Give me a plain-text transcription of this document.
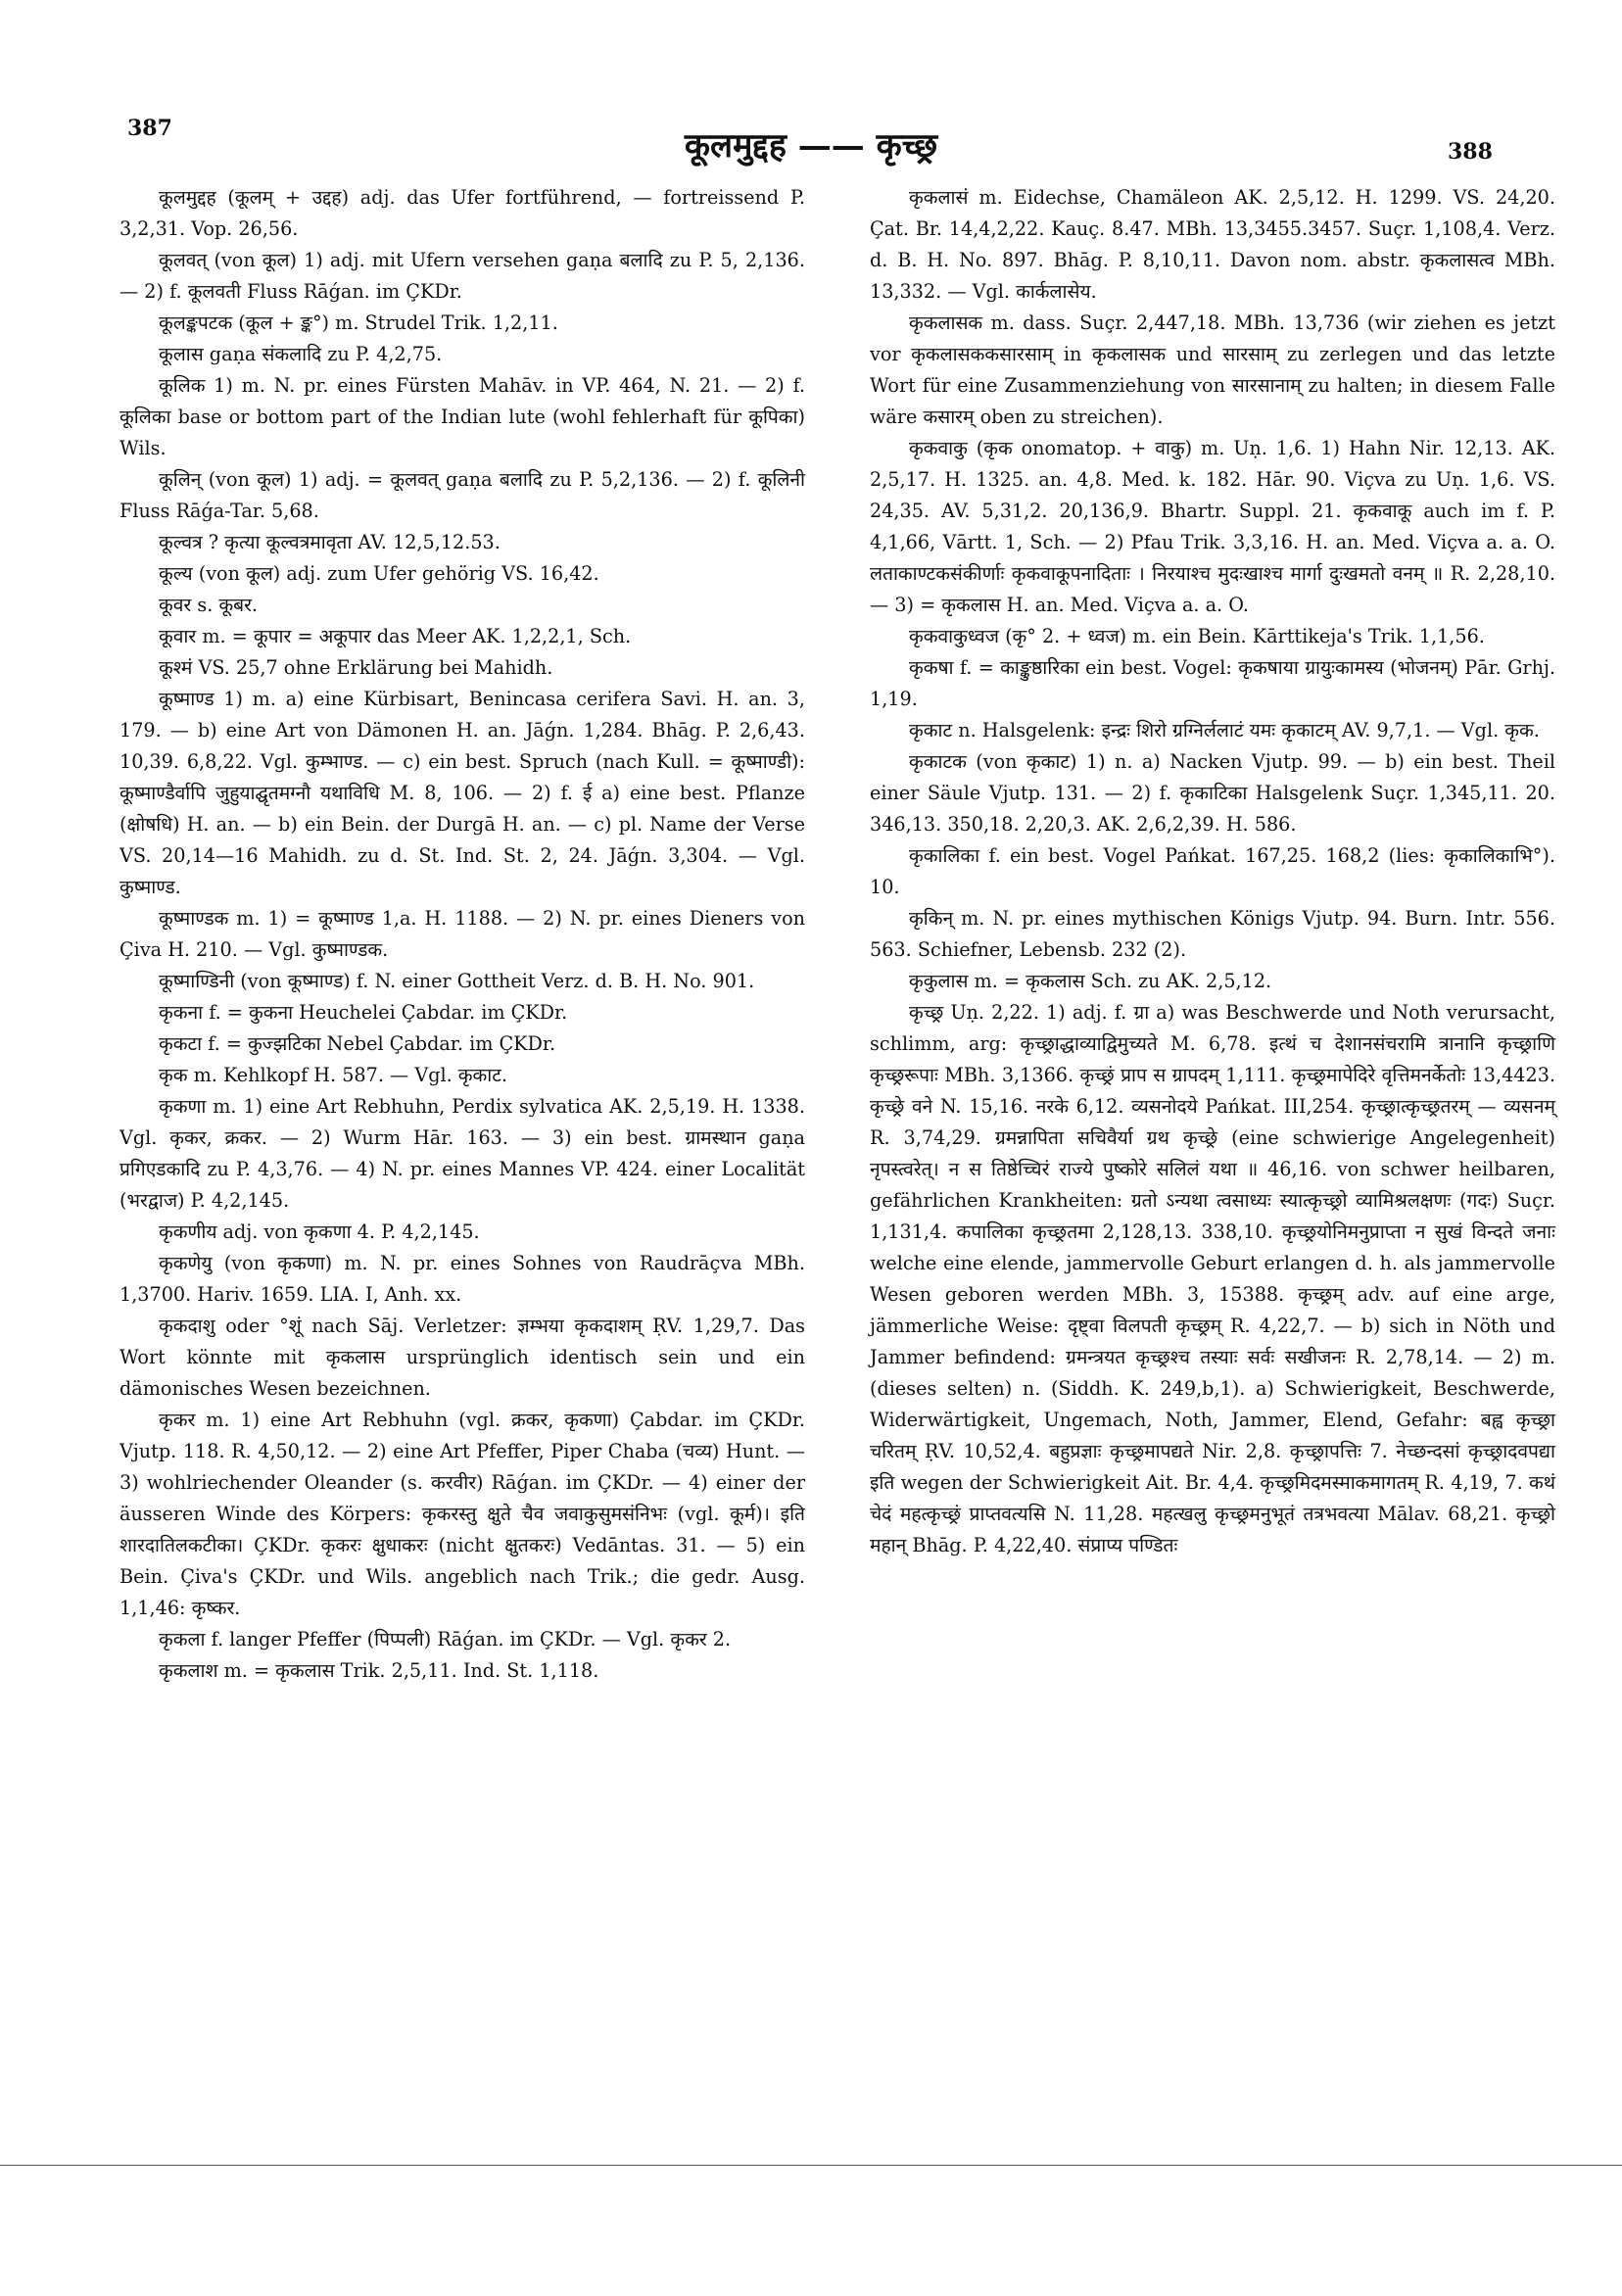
387	कूलमुद्दह —— कृच्छ्र	388

कूलमुद्दह (कूलम् + उद्दह) adj. das Ufer fortführend, — fortreissend P. 3,2,31. Vop. 26,56.

कूलवत् (von कूल) 1) adj. mit Ufern versehen gaṇa बलादि zu P. 5, 2,136. — 2) f. कूलवती Fluss Rāǵan. im ÇKDr.

कूलङ्कपटक (कूल + ङ्क°) m. Strudel Trik. 1,2,11.

कूलास gaṇa संकलादि zu P. 4,2,75.

कूलिक 1) m. N. pr. eines Fürsten Mahāv. in VP. 464, N. 21. — 2) f. कूलिका base or bottom part of the Indian lute (wohl fehlerhaft für कूपिका) Wils.

कूलिन् (von कूल) 1) adj. = कूलवत् gaṇa बलादि zu P. 5,2,136. — 2) f. कूलिनी Fluss Rāǵa-Tar. 5,68.

कूल्वत्र ? कृत्या कूल्वत्रमावृता AV. 12,5,12.53.

कूल्य (von कूल) adj. zum Ufer gehörig VS. 16,42.

कूवर s. कूबर.

कूवार m. = कूपार = अकूपार das Meer AK. 1,2,2,1, Sch.

कूश्मं VS. 25,7 ohne Erklärung bei Mahidh.

कूष्माण्ड 1) m. a) eine Kürbisart, Benincasa cerifera Savi. H. an. 3, 179. — b) eine Art von Dämonen H. an. Jāǵn. 1,284. Bhāg. P. 2,6,43. 10,39. 6,8,22. Vgl. कुम्भाण्ड. — c) ein best. Spruch (nach Kull. = कूष्माण्डी): कूष्माण्डैर्वापि जुहुयाद्घृतमग्नौ यथाविधि M. 8, 106. — 2) f. ई a) eine best. Pflanze (क्षोषधि) H. an. — b) ein Bein. der Durgā H. an. — c) pl. Name der Verse VS. 20,14—16 Mahidh. zu d. St. Ind. St. 2, 24. Jāǵn. 3,304. — Vgl. कुष्माण्ड.

कूष्माण्डक m. 1) = कूष्माण्ड 1,a. H. 1188. — 2) N. pr. eines Dieners von Çiva H. 210. — Vgl. कुष्माण्डक.

कूष्माण्डिनी (von कूष्माण्ड) f. N. einer Gottheit Verz. d. B. H. No. 901.

कृकना f. = कुकना Heuchelei Çabdar. im ÇKDr.

कृकटा f. = कुज्झटिका Nebel Çabdar. im ÇKDr.

कृक m. Kehlkopf H. 587. — Vgl. कृकाट.

कृकणा m. 1) eine Art Rebhuhn, Perdix sylvatica AK. 2,5,19. H. 1338. Vgl. कृकर, क्रकर. — 2) Wurm Hār. 163. — 3) ein best. ग्रामस्थान gaṇa प्रगिएडकादि zu P. 4,3,76. — 4) N. pr. eines Mannes VP. 424. einer Localität (भरद्वाज) P. 4,2,145.

कृकणीय adj. von कृकणा 4. P. 4,2,145.

कृकणेयु (von कृकणा) m. N. pr. eines Sohnes von Raudrāçva MBh. 1,3700. Hariv. 1659. LIA. I, Anh. xx.

कृकदाशु oder °शूं nach Sāj. Verletzer: ज्ञम्भया कृकदाशम् ṚV. 1,29,7. Das Wort könnte mit कृकलास ursprünglich identisch sein und ein dämonisches Wesen bezeichnen.

कृकर m. 1) eine Art Rebhuhn (vgl. क्रकर, कृकणा) Çabdar. im ÇKDr. Vjutp. 118. R. 4,50,12. — 2) eine Art Pfeffer, Piper Chaba (चव्य) Hunt. — 3) wohlriechender Oleander (s. करवीर) Rāǵan. im ÇKDr. — 4) einer der äusseren Winde des Körpers: कृकरस्तु क्षुते चैव जवाकुसुमसंनिभः (vgl. कूर्म)। इति शारदातिलकटीका। ÇKDr. कृकरः क्षुधाकरः (nicht क्षुतकरः) Vedāntas. 31. — 5) ein Bein. Çiva's ÇKDr. und Wils. angeblich nach Trik.; die gedr. Ausg. 1,1,46: कृष्कर.

कृकला f. langer Pfeffer (पिप्पली) Rāǵan. im ÇKDr. — Vgl. कृकर 2.

कृकलाश m. = कृकलास Trik. 2,5,11. Ind. St. 1,118.

कृकलासं m. Eidechse, Chamäleon AK. 2,5,12. H. 1299. VS. 24,20. Çat. Br. 14,4,2,22. Kauç. 8.47. MBh. 13,3455.3457. Suçr. 1,108,4. Verz. d. B. H. No. 897. Bhāg. P. 8,10,11. Davon nom. abstr. कृकलासत्व MBh. 13,332. — Vgl. कार्कलासेय.

कृकलासक m. dass. Suçr. 2,447,18. MBh. 13,736 (wir ziehen es jetzt vor कृकलासककसारसाम् in कृकलासक und सारसाम् zu zerlegen und das letzte Wort für eine Zusammenziehung von सारसानाम् zu halten; in diesem Falle wäre कसारम् oben zu streichen).

कृकवाकु (कृक onomatop. + वाकु) m. Uṇ. 1,6. 1) Hahn Nir. 12,13. AK. 2,5,17. H. 1325. an. 4,8. Med. k. 182. Hār. 90. Viçva zu Uṇ. 1,6. VS. 24,35. AV. 5,31,2. 20,136,9. Bhartr. Suppl. 21. कृकवाकू auch im f. P. 4,1,66, Vārtt. 1, Sch. — 2) Pfau Trik. 3,3,16. H. an. Med. Viçva a. a. O. लताकाण्टकसंकीर्णाः कृकवाकूपनादिताः । निरयाश्च मुदःखाश्च मार्गा दुःखमतो वनम् ॥ R. 2,28,10. — 3) = कृकलास H. an. Med. Viçva a. a. O.

कृकवाकुध्वज (कृ° 2. + ध्वज) m. ein Bein. Kārttikeja's Trik. 1,1,56.

कृकषा f. = काङ्कुष्ठारिका ein best. Vogel: कृकषाया ग्रायुःकामस्य (भोजनम्) Pār. Grhj. 1,19.

कृकाट n. Halsgelenk: इन्द्रः शिरो ग्रग्निर्ललाटं यमः कृकाटम् AV. 9,7,1. — Vgl. कृक.

कृकाटक (von कृकाट) 1) n. a) Nacken Vjutp. 99. — b) ein best. Theil einer Säule Vjutp. 131. — 2) f. कृकाटिका Halsgelenk Suçr. 1,345,11. 20. 346,13. 350,18. 2,20,3. AK. 2,6,2,39. H. 586.

कृकालिका f. ein best. Vogel Pańkat. 167,25. 168,2 (lies: कृकालिकाभि°). 10.

कृकिन् m. N. pr. eines mythischen Königs Vjutp. 94. Burn. Intr. 556. 563. Schiefner, Lebensb. 232 (2).

कृकुलास m. = कृकलास Sch. zu AK. 2,5,12.

कृच्छ्र Uṇ. 2,22. 1) adj. f. ग्रा a) was Beschwerde und Noth verursacht, schlimm, arg: कृच्छ्राद्धाव्याद्विमुच्यते M. 6,78. इत्थं च देशानसंचरामि त्रानानि कृच्छ्राणि कृच्छ्ररूपाः MBh. 3,1366. कृच्छ्रं प्राप स ग्रापदम् 1,111. कृच्छ्रमापेदिरे वृत्तिमनर्केतोः 13,4423. कृच्छ्रे वने N. 15,16. नरके 6,12. व्यसनोदये Pańkat. III,254. कृच्छ्रात्कृच्छ्रतरम् — व्यसनम् R. 3,74,29. ग्रमन्नापिता सचिवैर्या ग्रथ कृच्छ्रे (eine schwierige Angelegenheit) नृपस्त्वरेत्। न स तिष्ठेच्चिरं राज्ये पुष्कोरे सलिलं यथा ॥ 46,16. von schwer heilbaren, gefährlichen Krankheiten: ग्रतो ऽन्यथा त्वसाध्यः स्यात्कृच्छ्रो व्यामिश्रलक्षणः (गदः) Suçr. 1,131,4. कपालिका कृच्छ्रतमा 2,128,13. 338,10. कृच्छ्रयोनिमनुप्राप्ता न सुखं विन्दते जनाः welche eine elende, jammervolle Geburt erlangen d. h. als jammervolle Wesen geboren werden MBh. 3, 15388. कृच्छ्रम् adv. auf eine arge, jämmerliche Weise: दृष्ट्वा विलपती कृच्छ्रम् R. 4,22,7. — b) sich in Nöth und Jammer befindend: ग्रमन्त्रयत कृच्छ्रश्च तस्याः सर्वः सखीजनः R. 2,78,14. — 2) m. (dieses selten) n. (Siddh. K. 249,b,1). a) Schwierigkeit, Beschwerde, Widerwärtigkeit, Ungemach, Noth, Jammer, Elend, Gefahr: बह्व कृच्छ्रा चरितम् ṚV. 10,52,4. बहुप्रज्ञाः कृच्छ्रमापद्यते Nir. 2,8. कृच्छ्रापत्तिः 7. नेच्छन्दसां कृच्छ्रादवपद्या इति wegen der Schwierigkeit Ait. Br. 4,4. कृच्छ्रमिदमस्माकमागतम् R. 4,19, 7. कथं चेदं महत्कृच्छ्रं प्राप्तवत्यसि N. 11,28. महत्खलु कृच्छ्रमनुभूतं तत्रभवत्या Mālav. 68,21. कृच्छ्रो महान् Bhāg. P. 4,22,40. संप्राप्य पण्डितः
